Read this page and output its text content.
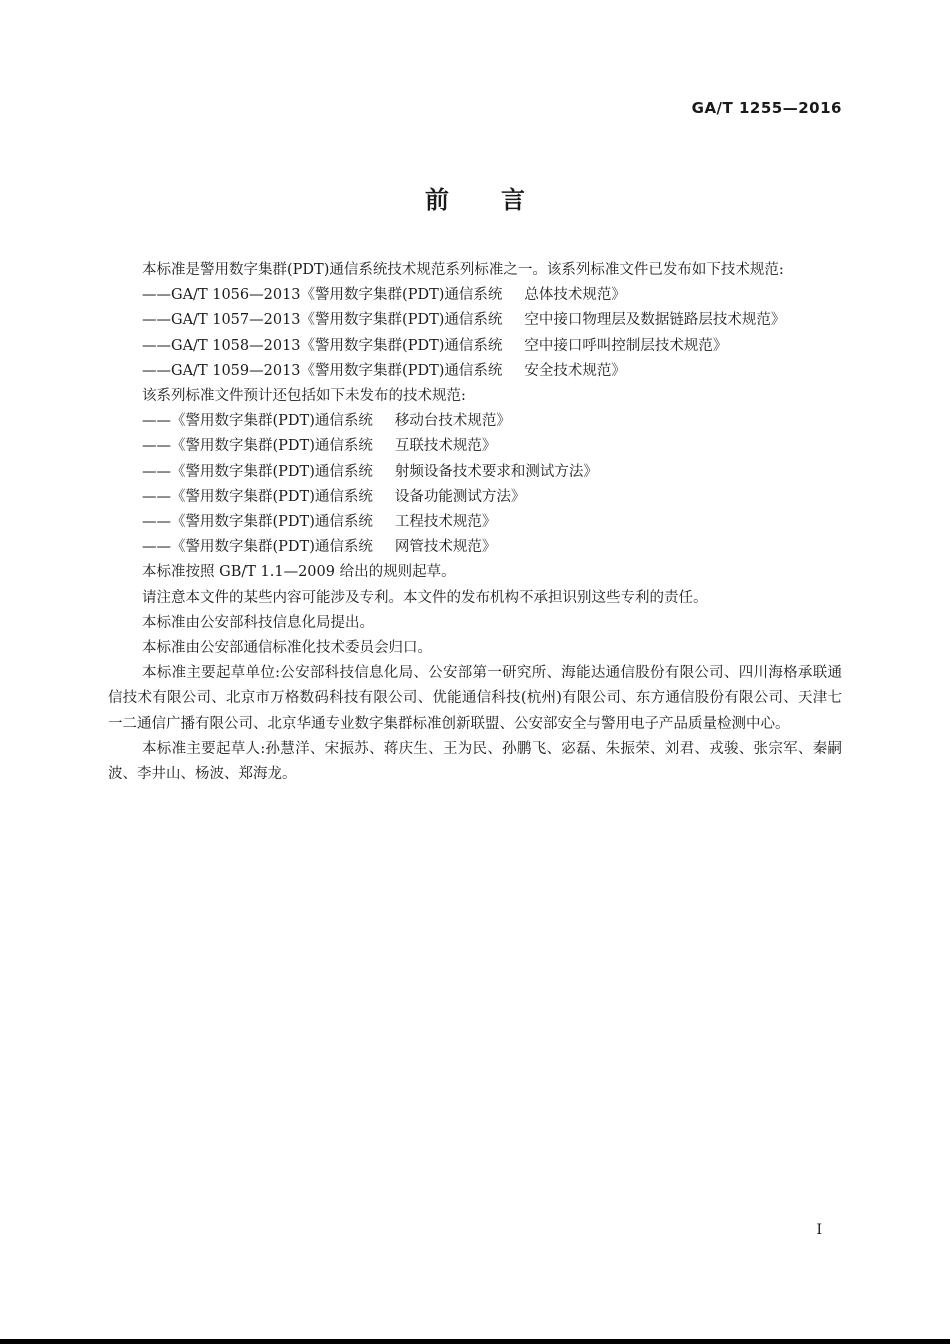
GA/T 1255—2016
前 言

本标准是警用数字集群(PDT)通信系统技术规范系列标准之一。该系列标准文件已发布如下技术规范:

——GA/T 1056—2013《警用数字集群(PDT)通信系统 总体技术规范》

——GA/T 1057—2013《警用数字集群(PDT)通信系统 空中接口物理层及数据链路层技术规范》

——GA/T 1058—2013《警用数字集群(PDT)通信系统 空中接口呼叫控制层技术规范》

——GA/T 1059—2013《警用数字集群(PDT)通信系统 安全技术规范》

该系列标准文件预计还包括如下未发布的技术规范:

——《警用数字集群(PDT)通信系统 移动台技术规范》

——《警用数字集群(PDT)通信系统 互联技术规范》

——《警用数字集群(PDT)通信系统 射频设备技术要求和测试方法》

——《警用数字集群(PDT)通信系统 设备功能测试方法》

——《警用数字集群(PDT)通信系统 工程技术规范》

——《警用数字集群(PDT)通信系统 网管技术规范》

本标准按照 GB/T 1.1—2009 给出的规则起草。

请注意本文件的某些内容可能涉及专利。本文件的发布机构不承担识别这些专利的责任。

本标准由公安部科技信息化局提出。

本标准由公安部通信标准化技术委员会归口。

本标准主要起草单位:公安部科技信息化局、公安部第一研究所、海能达通信股份有限公司、四川海格承联通信技术有限公司、北京市万格数码科技有限公司、优能通信科技(杭州)有限公司、东方通信股份有限公司、天津七一二通信广播有限公司、北京华通专业数字集群标准创新联盟、公安部安全与警用电子产品质量检测中心。

本标准主要起草人:孙慧洋、宋振苏、蒋庆生、王为民、孙鹏飞、宓磊、朱振荣、刘君、戎骏、张宗军、秦嗣波、李井山、杨波、郑海龙。

I
